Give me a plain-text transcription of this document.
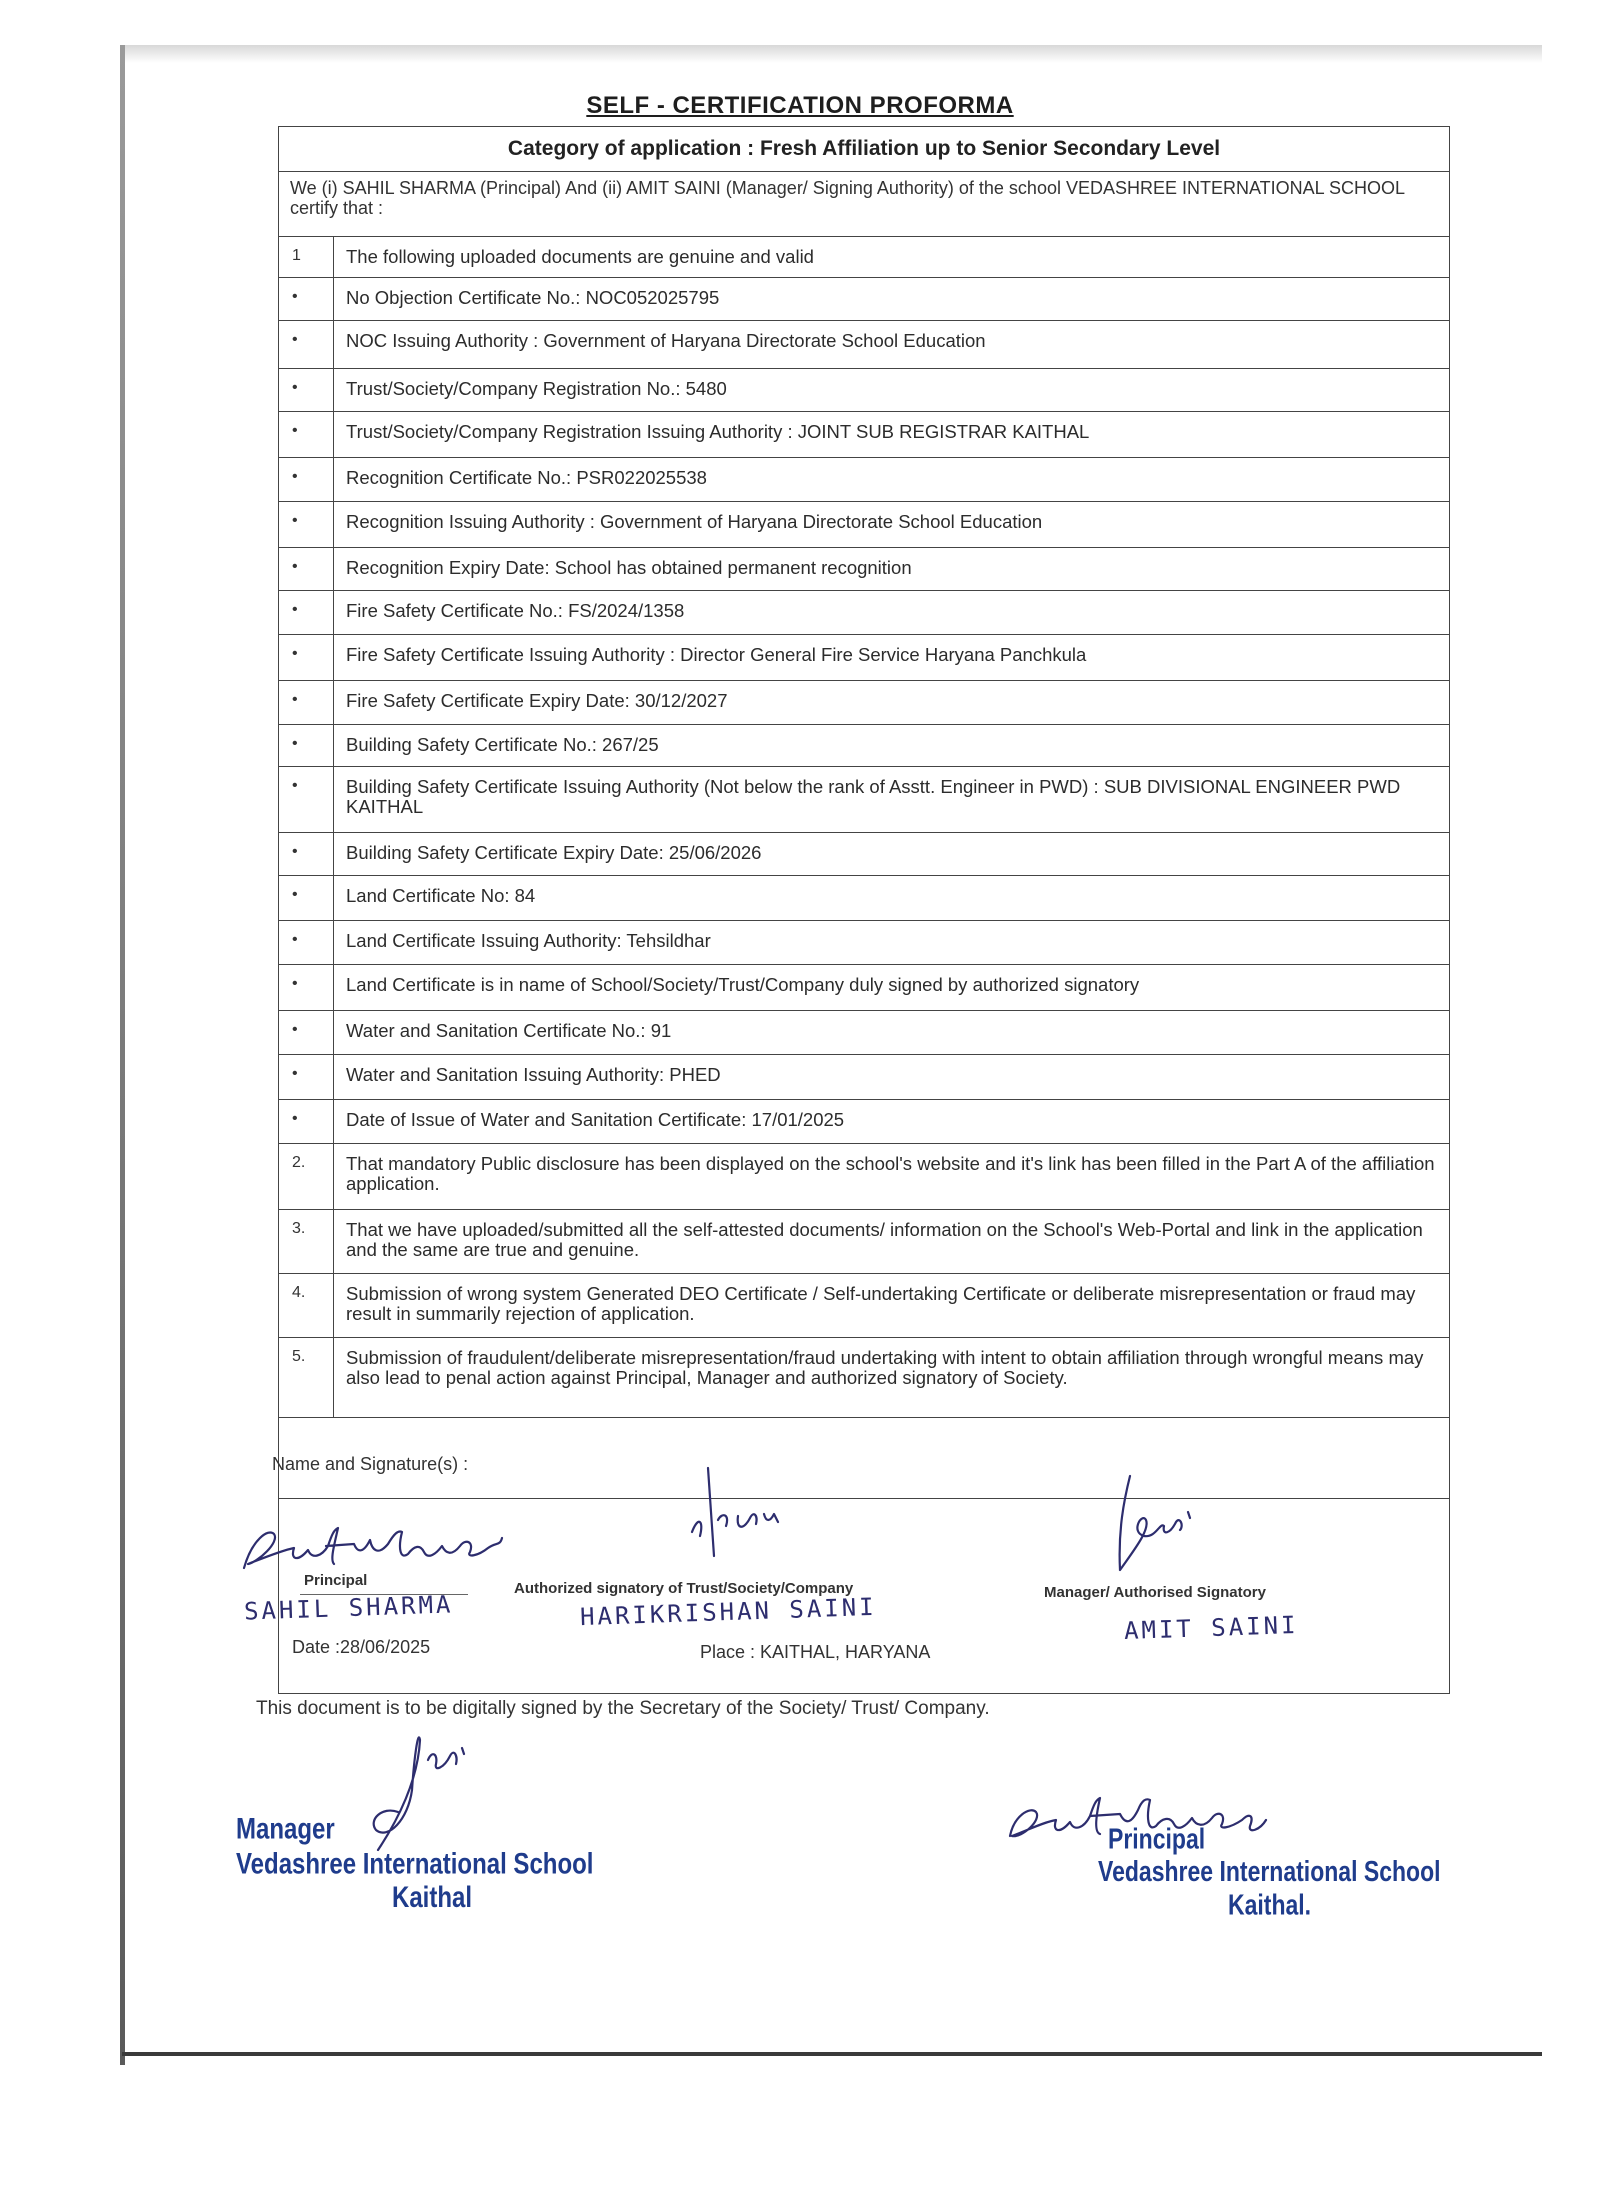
SELF - CERTIFICATION PROFORMA
Category of application : Fresh Affiliation up to Senior Secondary Level
We (i) SAHIL SHARMA (Principal) And (ii) AMIT SAINI (Manager/ Signing Authority) of the school VEDASHREE INTERNATIONAL SCHOOL certify that :
1	The following uploaded documents are genuine and valid
•	No Objection Certificate No.: NOC052025795
•	NOC Issuing Authority : Government of Haryana Directorate School Education
•	Trust/Society/Company Registration No.: 5480
•	Trust/Society/Company Registration Issuing Authority : JOINT SUB REGISTRAR KAITHAL
•	Recognition Certificate No.: PSR022025538
•	Recognition Issuing Authority : Government of Haryana Directorate School Education
•	Recognition Expiry Date: School has obtained permanent recognition
•	Fire Safety Certificate No.: FS/2024/1358
•	Fire Safety Certificate Issuing Authority : Director General Fire Service Haryana Panchkula
•	Fire Safety Certificate Expiry Date: 30/12/2027
•	Building Safety Certificate No.: 267/25
•	Building Safety Certificate Issuing Authority (Not below the rank of Asstt. Engineer in PWD) : SUB DIVISIONAL ENGINEER PWD KAITHAL
•	Building Safety Certificate Expiry Date: 25/06/2026
•	Land Certificate No: 84
•	Land Certificate Issuing Authority: Tehsildhar
•	Land Certificate is in name of School/Society/Trust/Company duly signed by authorized signatory
•	Water and Sanitation Certificate No.: 91
•	Water and Sanitation Issuing Authority: PHED
•	Date of Issue of Water and Sanitation Certificate: 17/01/2025
2.	That mandatory Public disclosure has been displayed on the school's website and it's link has been filled in the Part A of the affiliation application.
3.	That we have uploaded/submitted all the self-attested documents/ information on the School's Web-Portal and link in the application and the same are true and genuine.
4.	Submission of wrong system Generated DEO Certificate / Self-undertaking Certificate or deliberate misrepresentation or fraud may result in summarily rejection of application.
5.	Submission of fraudulent/deliberate misrepresentation/fraud undertaking with intent to obtain affiliation through wrongful means may also lead to penal action against Principal, Manager and authorized signatory of Society.
Name and Signature(s) :
Principal
SAHIL SHARMA
Authorized signatory of Trust/Society/Company
HARIKRISHAN SAINI
Manager/ Authorised Signatory
AMIT SAINI
Date :28/06/2025	Place : KAITHAL, HARYANA
This document is to be digitally signed by the Secretary of the Society/ Trust/ Company.
Manager
Vedashree International School
Kaithal
Principal
Vedashree International School
Kaithal.
